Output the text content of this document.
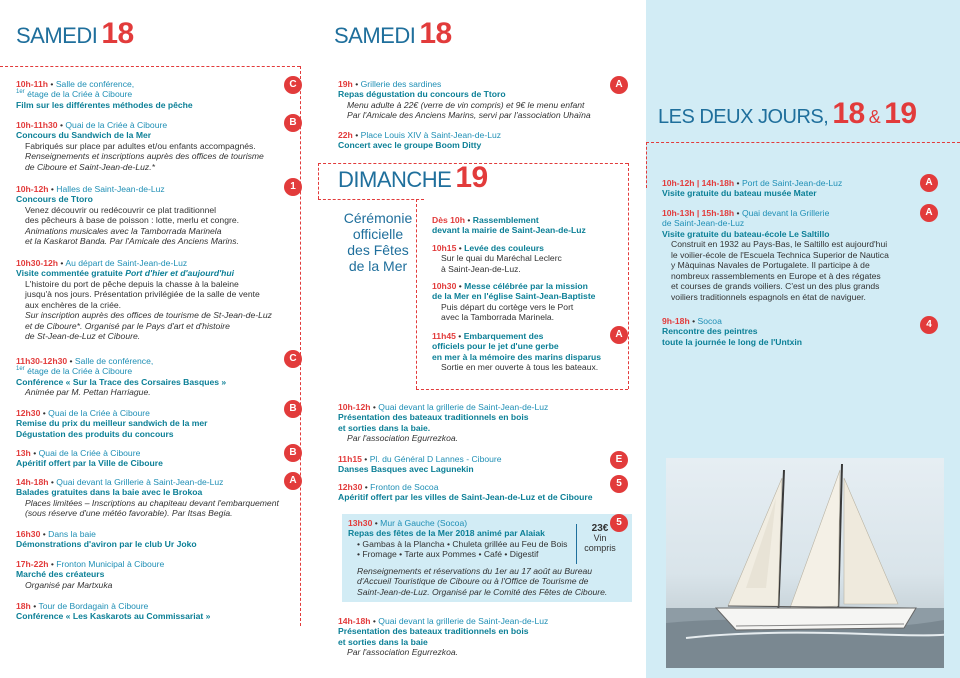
SAMEDI 18
10h-11h • Salle de conférence,
$^{1er}$ étage de la Criée à Ciboure
Film sur les différentes méthodes de pêche
C
10h-11h30 • Quai de la Criée à Ciboure
Concours du Sandwich de la Mer
Fabriqués sur place par adultes et/ou enfants accompagnés.
Renseignements et inscriptions auprès des offices de tourisme
de Ciboure et Saint-Jean-de-Luz.*
B
10h-12h • Halles de Saint-Jean-de-Luz
Concours de Ttoro
Venez découvrir ou redécouvrir ce plat traditionnel
des pêcheurs à base de poisson : lotte, merlu et congre.
Animations musicales avec la Tamborrada Marinela
et la Kaskarot Banda. Par l'Amicale des Anciens Marins.
1
10h30-12h • Au départ de Saint-Jean-de-Luz
Visite commentée gratuite Port d'hier et d'aujourd'hui
L'histoire du port de pêche depuis la chasse à la baleine
jusqu'à nos jours. Présentation privilégiée de la salle de vente
aux enchères de la criée.
Sur inscription auprès des offices de tourisme de St-Jean-de-Luz
et de Ciboure*. Organisé par le Pays d'art et d'histoire
de St-Jean-de-Luz et Ciboure.
11h30-12h30 • Salle de conférence,
$^{1er}$ étage de la Criée à Ciboure
Conférence « Sur la Trace des Corsaires Basques »
Animée par M. Pettan Harriague.
C
12h30 • Quai de la Criée à Ciboure
Remise du prix du meilleur sandwich de la mer
Dégustation des produits du concours
B
13h • Quai de la Criée à Ciboure
Apéritif offert par la Ville de Ciboure
B
14h-18h • Quai devant la Grillerie à Saint-Jean-de-Luz
Balades gratuites dans la baie avec le Brokoa
Places limitées – Inscriptions au chapiteau devant l'embarquement
(sous réserve d'une météo favorable). Par Itsas Begia.
A
16h30 • Dans la baie
Démonstrations d'aviron par le club Ur Joko
17h-22h • Fronton Municipal à Ciboure
Marché des créateurs
Organisé par Martxuka
18h • Tour de Bordagain à Ciboure
Conférence « Les Kaskarots au Commissariat »
SAMEDI 18
19h • Grillerie des sardines
Repas dégustation du concours de Ttoro
Menu adulte à 22€ (verre de vin compris) et 9€ le menu enfant
Par l'Amicale des Anciens Marins, servi par l'association Uhaïna
A
22h • Place Louis XIV à Saint-Jean-de-Luz
Concert avec le groupe Boom Ditty
DIMANCHE 19
Cérémonie
officielle
des Fêtes
de la Mer
Dès 10h • Rassemblement
devant la mairie de Saint-Jean-de-Luz
10h15 • Levée des couleurs
Sur le quai du Maréchal Leclerc
à Saint-Jean-de-Luz.
10h30 • Messe célébrée par la mission
de la Mer en l'église Saint-Jean-Baptiste
Puis départ du cortège vers le Port
avec la Tamborrada Marinela.
11h45 • Embarquement des
officiels pour le jet d'une gerbe
en mer à la mémoire des marins disparus
Sortie en mer ouverte à tous les bateaux.
A
10h-12h • Quai devant la grillerie de Saint-Jean-de-Luz
Présentation des bateaux traditionnels en bois
et sorties dans la baie.
Par l'association Egurrezkoa.
11h15 • Pl. du Général D Lannes - Ciboure
Danses Basques avec Lagunekin
E
12h30 • Fronton de Socoa
Apéritif offert par les villes de Saint-Jean-de-Luz et de Ciboure
5
13h30 • Mur à Gauche (Socoa)
Repas des fêtes de la Mer 2018 animé par Alaiak
• Gambas à la Plancha • Chuleta grillée au Feu de Bois
• Fromage • Tarte aux Pommes • Café • Digestif
Renseignements et réservations du 1er au 17 août au Bureau
d'Accueil Touristique de Ciboure ou à l'Office de Tourisme de
Saint-Jean-de-Luz. Organisé par le Comité des Fêtes de Ciboure.
23€
Vin
compris
5
14h-18h • Quai devant la grillerie de Saint-Jean-de-Luz
Présentation des bateaux traditionnels en bois
et sorties dans la baie
Par l'association Egurrezkoa.
LES DEUX JOURS, 18 & 19
10h-12h | 14h-18h • Port de Saint-Jean-de-Luz
Visite gratuite du bateau musée Mater
A
10h-13h | 15h-18h • Quai devant la Grillerie
de Saint-Jean-de-Luz
Visite gratuite du bateau-école Le Saltillo
Construit en 1932 au Pays-Bas, le Saltillo est aujourd'hui
le voilier-école de l'Escuela Technica Superior de Nautica
y Màquinas Navales de Portugalete. Il participe à de
nombreux rassemblements en Europe et à des régates
et courses de grands voiliers. C'est un des plus grands
voiliers traditionnels espagnols en état de naviguer.
A
9h-18h • Socoa
Rencontre des peintres
toute la journée le long de l'Untxin
4
